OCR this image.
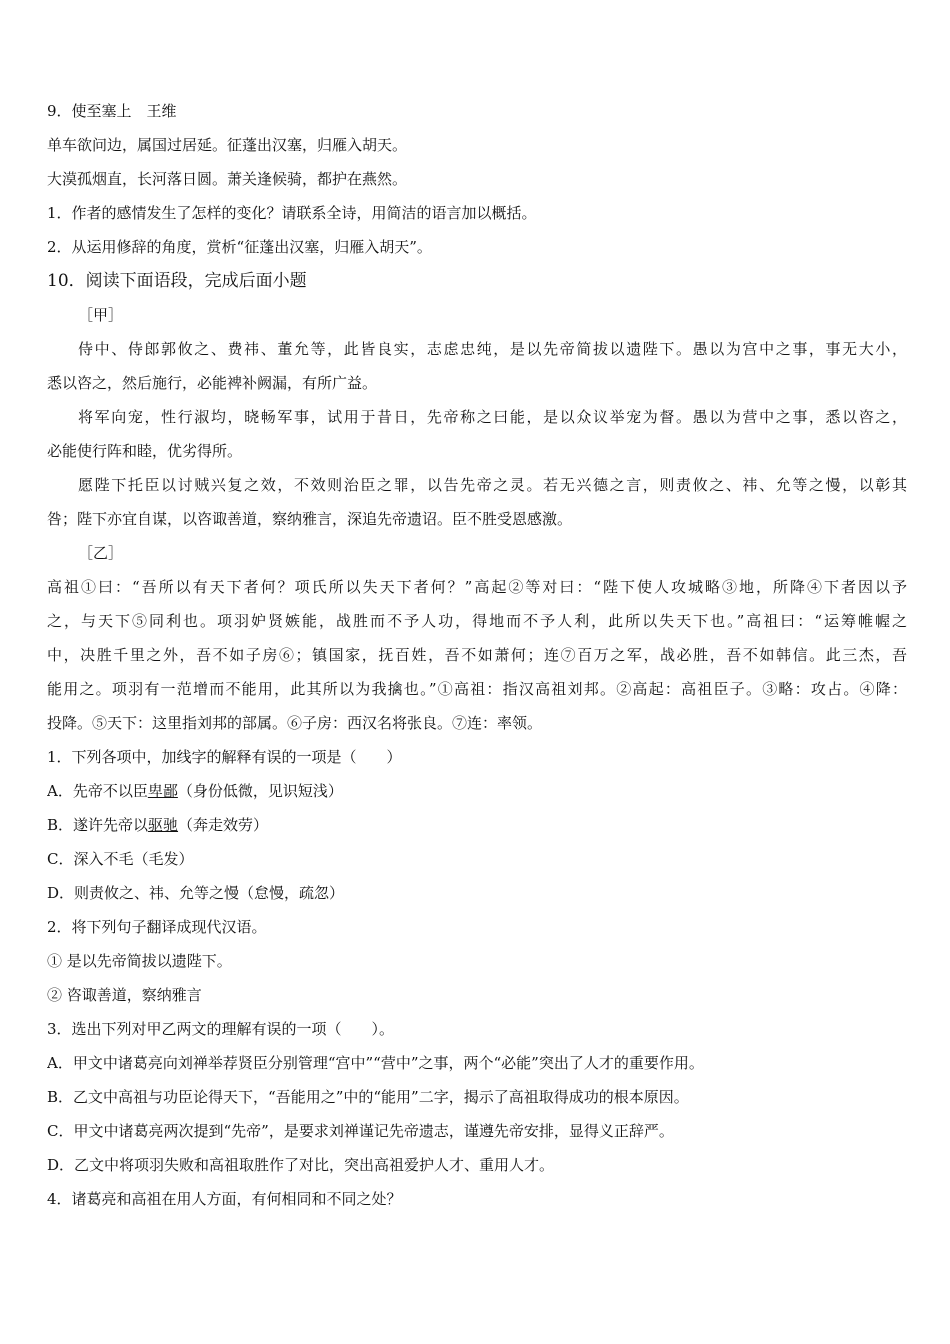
9．使至塞上　王维
单车欲问边，属国过居延。征蓬出汉塞，归雁入胡天。
大漠孤烟直，长河落日圆。萧关逢候骑，都护在燕然。
1．作者的感情发生了怎样的变化？请联系全诗，用简洁的语言加以概括。
2．从运用修辞的角度，赏析“征蓬出汉塞，归雁入胡天”。
10．阅读下面语段，完成后面小题
［甲］
侍中、侍郎郭攸之、费祎、董允等，此皆良实，志虑忠纯，是以先帝简拔以遗陛下。愚以为宫中之事，事无大小，
悉以咨之，然后施行，必能裨补阙漏，有所广益。
将军向宠，性行淑均，晓畅军事，试用于昔日，先帝称之曰能，是以众议举宠为督。愚以为营中之事，悉以咨之，
必能使行阵和睦，优劣得所。
愿陛下托臣以讨贼兴复之效，不效则治臣之罪，以告先帝之灵。若无兴德之言，则责攸之、祎、允等之慢，以彰其
咎；陛下亦宜自谋，以咨诹善道，察纳雅言，深追先帝遗诏。臣不胜受恩感激。
［乙］
高祖①曰：“吾所以有天下者何？项氏所以失天下者何？”高起②等对曰：“陛下使人攻城略③地，所降④下者因以予
之，与天下⑤同利也。项羽妒贤嫉能，战胜而不予人功，得地而不予人利，此所以失天下也。”高祖曰：“运筹帷幄之
中，决胜千里之外，吾不如子房⑥；镇国家，抚百姓，吾不如萧何；连⑦百万之军，战必胜，吾不如韩信。此三杰，吾
能用之。项羽有一范增而不能用，此其所以为我擒也。”①高祖：指汉高祖刘邦。②高起：高祖臣子。③略：攻占。④降：
投降。⑤天下：这里指刘邦的部属。⑥子房：西汉名将张良。⑦连：率领。
1．下列各项中，加线字的解释有误的一项是（　　）
A．先帝不以臣卑鄙（身份低微，见识短浅）
B．遂许先帝以驱驰（奔走效劳）
C．深入不毛（毛发）
D．则责攸之、祎、允等之慢（怠慢，疏忽）
2．将下列句子翻译成现代汉语。
① 是以先帝简拔以遗陛下。
② 咨诹善道，察纳雅言
3．选出下列对甲乙两文的理解有误的一项（　　）。
A．甲文中诸葛亮向刘禅举荐贤臣分别管理“宫中”“营中”之事，两个“必能”突出了人才的重要作用。
B．乙文中高祖与功臣论得天下，“吾能用之”中的“能用”二字，揭示了高祖取得成功的根本原因。
C．甲文中诸葛亮两次提到“先帝”，是要求刘禅谨记先帝遗志，谨遵先帝安排，显得义正辞严。
D．乙文中将项羽失败和高祖取胜作了对比，突出高祖爱护人才、重用人才。
4．诸葛亮和高祖在用人方面，有何相同和不同之处？
